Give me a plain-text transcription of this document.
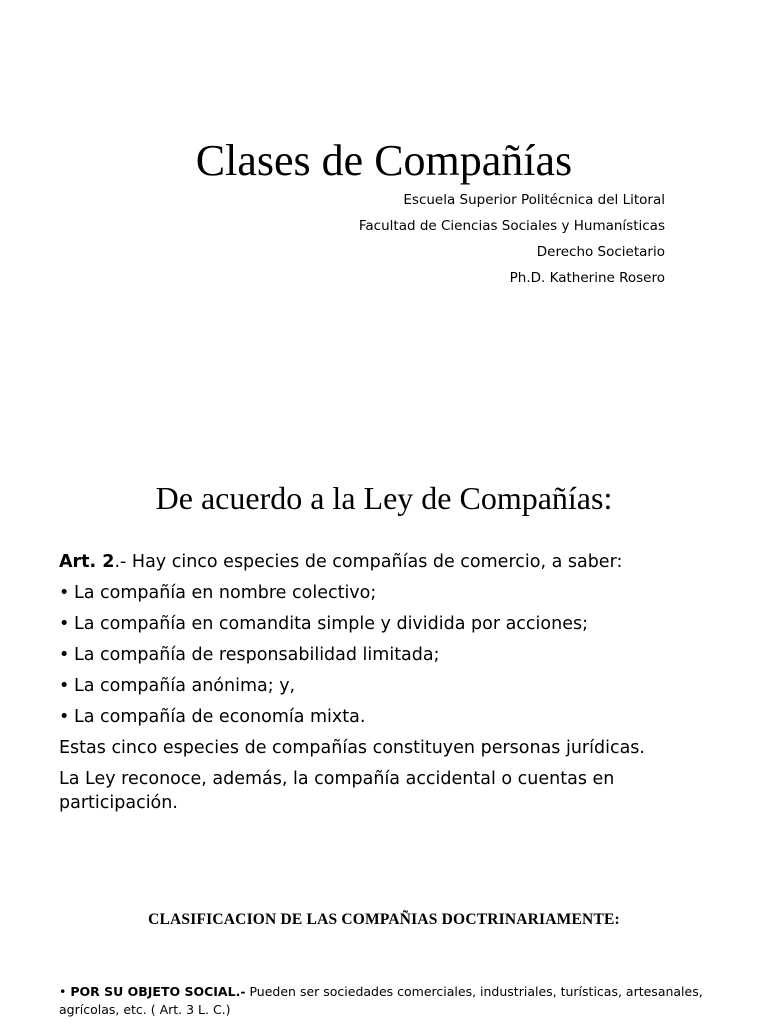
Clases de Compañías
Escuela Superior Politécnica del Litoral
Facultad de Ciencias Sociales y Humanísticas
Derecho Societario
Ph.D. Katherine Rosero
De acuerdo a la Ley de Compañías:
Art. 2.- Hay cinco especies de compañías de comercio, a saber:
• La compañía en nombre colectivo;
• La compañía en comandita simple y dividida por acciones;
• La compañía de responsabilidad limitada;
• La compañía anónima; y,
• La compañía de economía mixta.
Estas cinco especies de compañías constituyen personas jurídicas.
La Ley reconoce, además, la compañía accidental o cuentas en participación.
CLASIFICACION DE LAS COMPAÑIAS DOCTRINARIAMENTE:
• POR SU OBJETO SOCIAL.- Pueden ser sociedades comerciales, industriales, turísticas, artesanales, agrícolas, etc. ( Art. 3 L. C.)
